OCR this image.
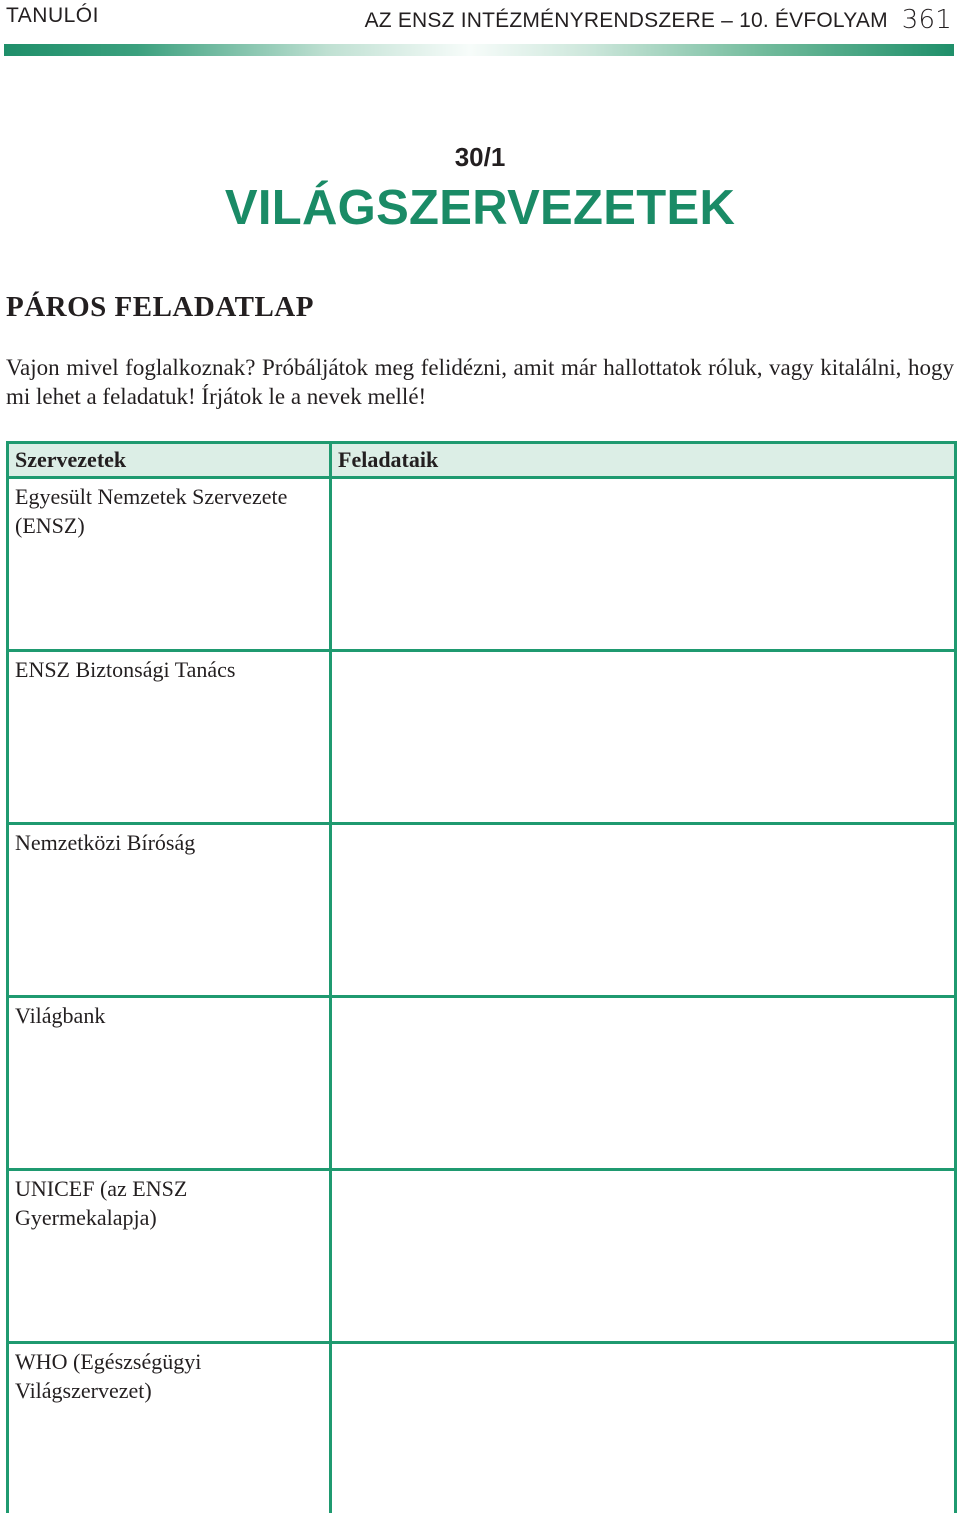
TANULÓI	AZ ENSZ INTÉZMÉNYRENDSZERE – 10. ÉVFOLYAM 361
30/1
VILÁGSZERVEZETEK
PÁROS FELADATLAP

Vajon mivel foglalkoznak? Próbáljátok meg felidézni, amit már hallottatok róluk, vagy kitalálni, hogy mi lehet a feladatuk! Írjátok le a nevek mellé!

Szervezetek	Feladataik
Egyesült Nemzetek Szervezete (ENSZ)	
ENSZ Biztonsági Tanács	
Nemzetközi Bíróság	
Világbank	
UNICEF (az ENSZ Gyermekalapja)	
WHO (Egészségügyi Világszervezet)	
